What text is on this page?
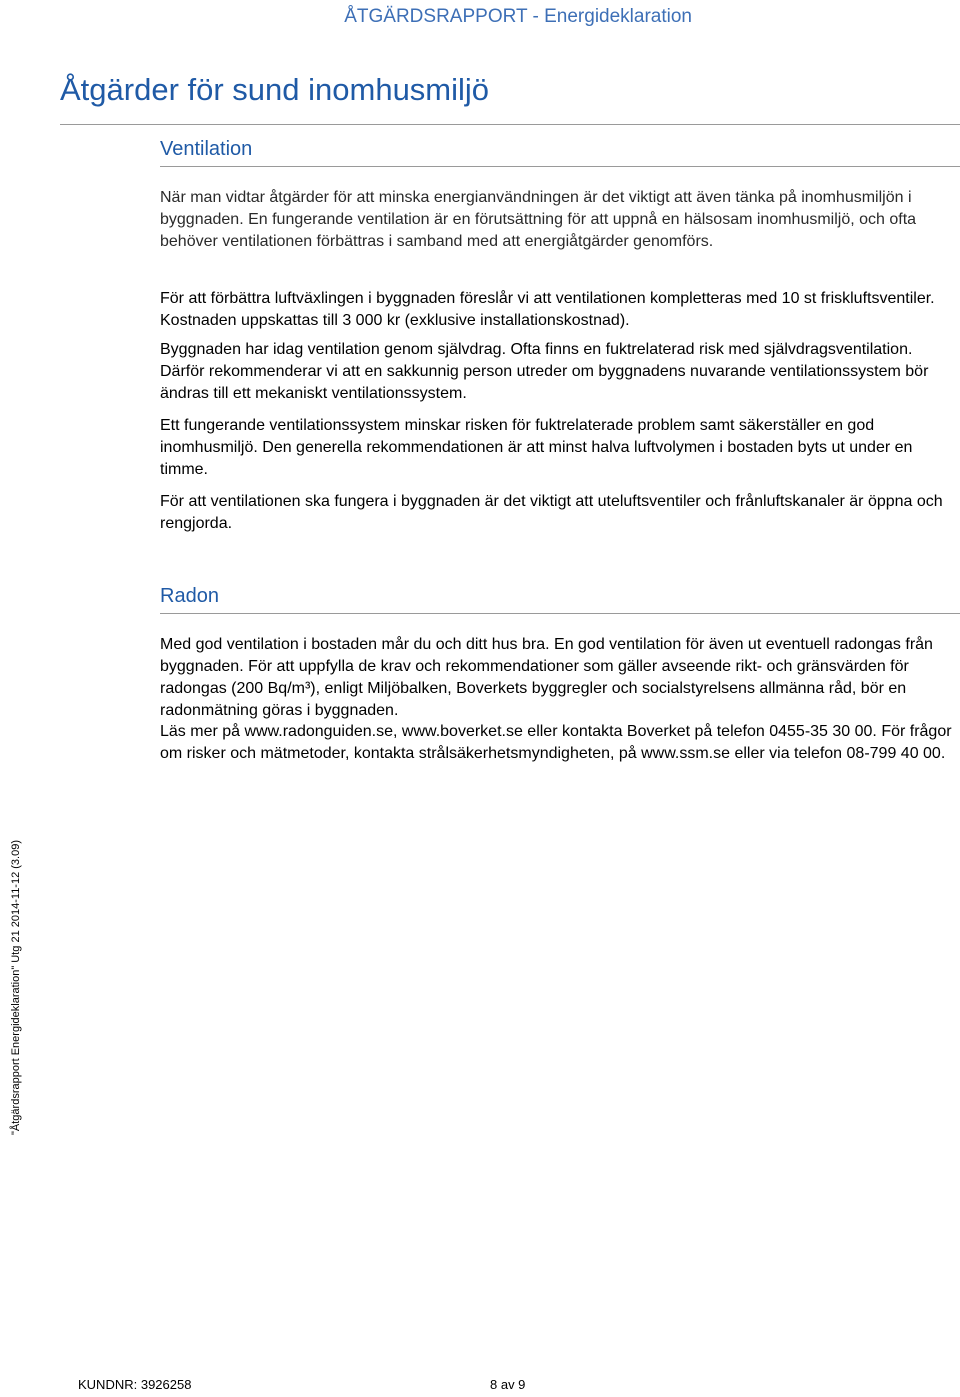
ÅTGÄRDSRAPPORT - Energideklaration
Åtgärder för sund inomhusmiljö
Ventilation

När man vidtar åtgärder för att minska energianvändningen är det viktigt att även tänka på inomhusmiljön i byggnaden. En fungerande ventilation är en förutsättning för att uppnå en hälsosam inomhusmiljö, och ofta behöver ventilationen förbättras i samband med att energiåtgärder genomförs.

För att förbättra luftväxlingen i byggnaden föreslår vi att ventilationen kompletteras med 10 st friskluftsventiler. Kostnaden uppskattas till 3 000 kr (exklusive installationskostnad).

Byggnaden har idag ventilation genom självdrag. Ofta finns en fuktrelaterad risk med självdragsventilation. Därför rekommenderar vi att en sakkunnig person utreder om byggnadens nuvarande ventilationssystem bör ändras till ett mekaniskt ventilationssystem.

Ett fungerande ventilationssystem minskar risken för fuktrelaterade problem samt säkerställer en god inomhusmiljö. Den generella rekommendationen är att minst halva luftvolymen i bostaden byts ut under en timme.

För att ventilationen ska fungera i byggnaden är det viktigt att uteluftsventiler och frånluftskanaler är öppna och rengjorda.

Radon

Med god ventilation i bostaden mår du och ditt hus bra. En god ventilation för även ut eventuell radongas från byggnaden. För att uppfylla de krav och rekommendationer som gäller avseende rikt- och gränsvärden för radongas (200 Bq/m³), enligt Miljöbalken, Boverkets byggregler och socialstyrelsens allmänna råd, bör en radonmätning göras i byggnaden.

Läs mer på www.radonguiden.se, www.boverket.se eller kontakta Boverket på telefon 0455-35 30 00. För frågor om risker och mätmetoder, kontakta strålsäkerhetsmyndigheten, på www.ssm.se eller via telefon 08-799 40 00.

"Åtgärdsrapport Energideklaration" Utg 21 2014-11-12 (3.09)
KUNDNR: 3926258	8 av 9
